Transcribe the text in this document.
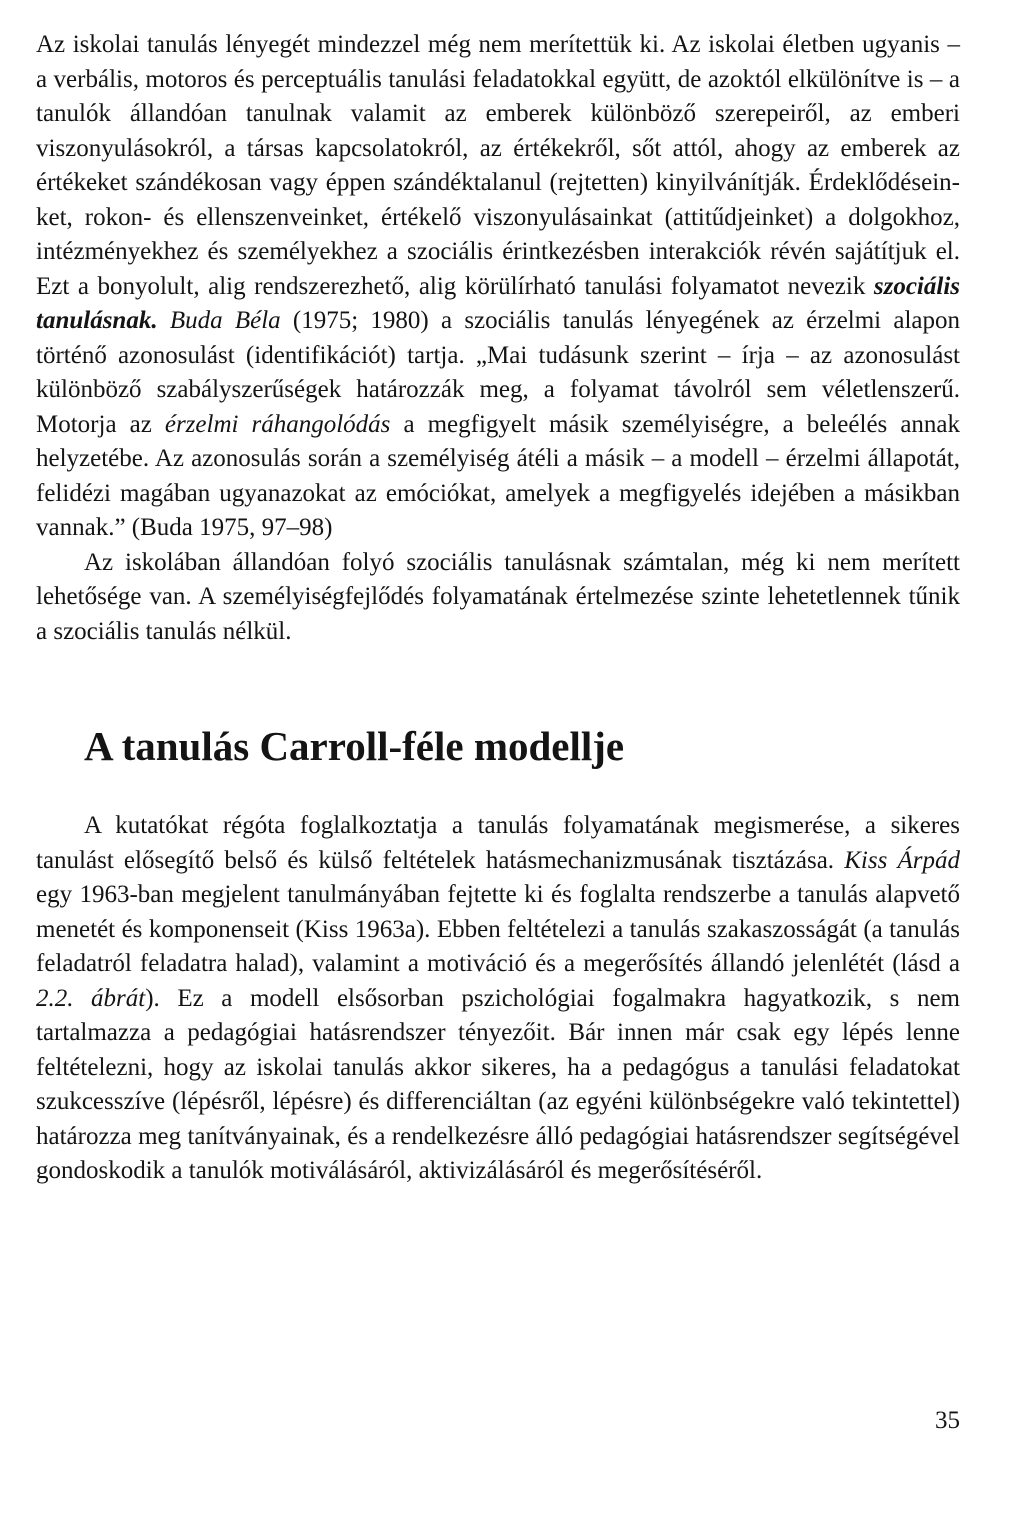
Az iskolai tanulás lényegét mindezzel még nem merítettük ki. Az iskolai életben ugyanis – a verbális, motoros és perceptuális tanulási feladatokkal együtt, de azoktól elkülönítve is – a tanulók állandóan tanulnak valamit az emberek különböző szerepeiről, az emberi viszonyulásokról, a társas kapcsolatokról, az értékekről, sőt attól, ahogy az emberek az értékeket szándékosan vagy éppen szándéktalanul (rejtetten) kinyilvánítják. Érdeklődéseinket, rokon- és ellenszenveinket, értékelő viszonyulásainkat (attitűdjeinket) a dolgokhoz, intézményekhez és személyekhez a szociális érintkezésben interakciók révén sajátítjuk el. Ezt a bonyolult, alig rendszerezhető, alig körülírható tanulási folyamatot nevezik szociális tanulásnak. Buda Béla (1975; 1980) a szociális tanulás lényegének az érzelmi alapon történő azonosulást (identifikációt) tartja. „Mai tudásunk szerint – írja – az azonosulást különböző szabályszerűségek határozzák meg, a folyamat távolról sem véletlenszerű. Motorja az érzelmi ráhangolódás a megfigyelt másik személyiségre, a beleélés annak helyzetébe. Az azonosulás során a személyiség átéli a másik – a modell – érzelmi állapotát, felidézi magában ugyanazokat az emóciókat, amelyek a megfigyelés idejében a másikban vannak.” (Buda 1975, 97–98)

Az iskolában állandóan folyó szociális tanulásnak számtalan, még ki nem merített lehetősége van. A személyiségfejlődés folyamatának értelmezése szinte lehetetlennek tűnik a szociális tanulás nélkül.

A tanulás Carroll-féle modellje

A kutatókat régóta foglalkoztatja a tanulás folyamatának megismerése, a sikeres tanulást elősegítő belső és külső feltételek hatásmechanizmusának tisztázása. Kiss Árpád egy 1963-ban megjelent tanulmányában fejtette ki és foglalta rendszerbe a tanulás alapvető menetét és komponenseit (Kiss 1963a). Ebben feltételezi a tanulás szakaszosságát (a tanulás feladatról feladatra halad), valamint a motiváció és a megerősítés állandó jelenlétét (lásd a 2.2. ábrát). Ez a modell elsősorban pszichológiai fogalmakra hagyatkozik, s nem tartalmazza a pedagógiai hatásrendszer tényezőit. Bár innen már csak egy lépés lenne feltételezni, hogy az iskolai tanulás akkor sikeres, ha a pedagógus a tanulási feladatokat szukcesszíve (lépésről, lépésre) és differenciáltan (az egyéni különbségekre való tekintettel) határozza meg tanítványainak, és a rendelkezésre álló pedagógiai hatásrendszer segítségével gondoskodik a tanulók motiválásáról, aktivizálásáról és megerősítéséről.

35
